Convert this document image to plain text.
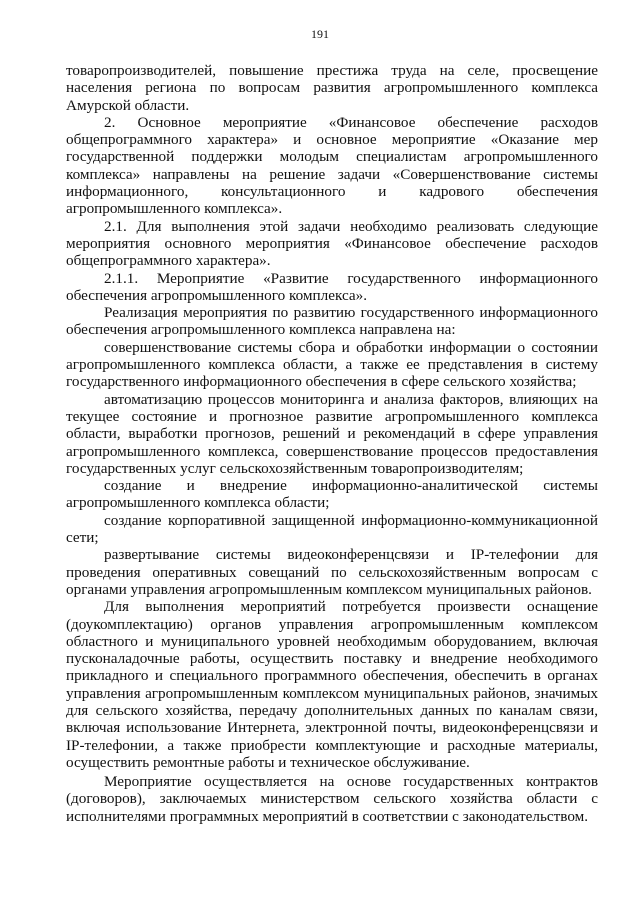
191

товаропроизводителей, повышение престижа труда на селе, просвещение населения региона по вопросам развития агропромышленного комплекса Амурской области.

2. Основное мероприятие «Финансовое обеспечение расходов общепрограммного характера» и основное мероприятие «Оказание мер государственной поддержки молодым специалистам агропромышленного комплекса» направлены на решение задачи «Совершенствование системы информационного, консультационного и кадрового обеспечения агропромышленного комплекса».

2.1. Для выполнения этой задачи необходимо реализовать следующие мероприятия основного мероприятия «Финансовое обеспечение расходов общепрограммного характера».

2.1.1. Мероприятие «Развитие государственного информационного обеспечения агропромышленного комплекса».

Реализация мероприятия по развитию государственного информационного обеспечения агропромышленного комплекса направлена на:

совершенствование системы сбора и обработки информации о состоянии агропромышленного комплекса области, а также ее представления в систему государственного информационного обеспечения в сфере сельского хозяйства;

автоматизацию процессов мониторинга и анализа факторов, влияющих на текущее состояние и прогнозное развитие агропромышленного комплекса области, выработки прогнозов, решений и рекомендаций в сфере управления агропромышленного комплекса, совершенствование процессов предоставления государственных услуг сельскохозяйственным товаропроизводителям;

создание и внедрение информационно-аналитической системы агропромышленного комплекса области;

создание корпоративной защищенной информационно-коммуникационной сети;

развертывание системы видеоконференцсвязи и IP-телефонии для проведения оперативных совещаний по сельскохозяйственным вопросам с органами управления агропромышленным комплексом муниципальных районов.

Для выполнения мероприятий потребуется произвести оснащение (доукомплектацию) органов управления агропромышленным комплексом областного и муниципального уровней необходимым оборудованием, включая пусконаладочные работы, осуществить поставку и внедрение необходимого прикладного и специального программного обеспечения, обеспечить в органах управления агропромышленным комплексом муниципальных районов, значимых для сельского хозяйства, передачу дополнительных данных по каналам связи, включая использование Интернета, электронной почты, видеоконференцсвязи и IP-телефонии, а также приобрести комплектующие и расходные материалы, осуществить ремонтные работы и техническое обслуживание.

Мероприятие осуществляется на основе государственных контрактов (договоров), заключаемых министерством сельского хозяйства области с исполнителями программных мероприятий в соответствии с законодательством.
